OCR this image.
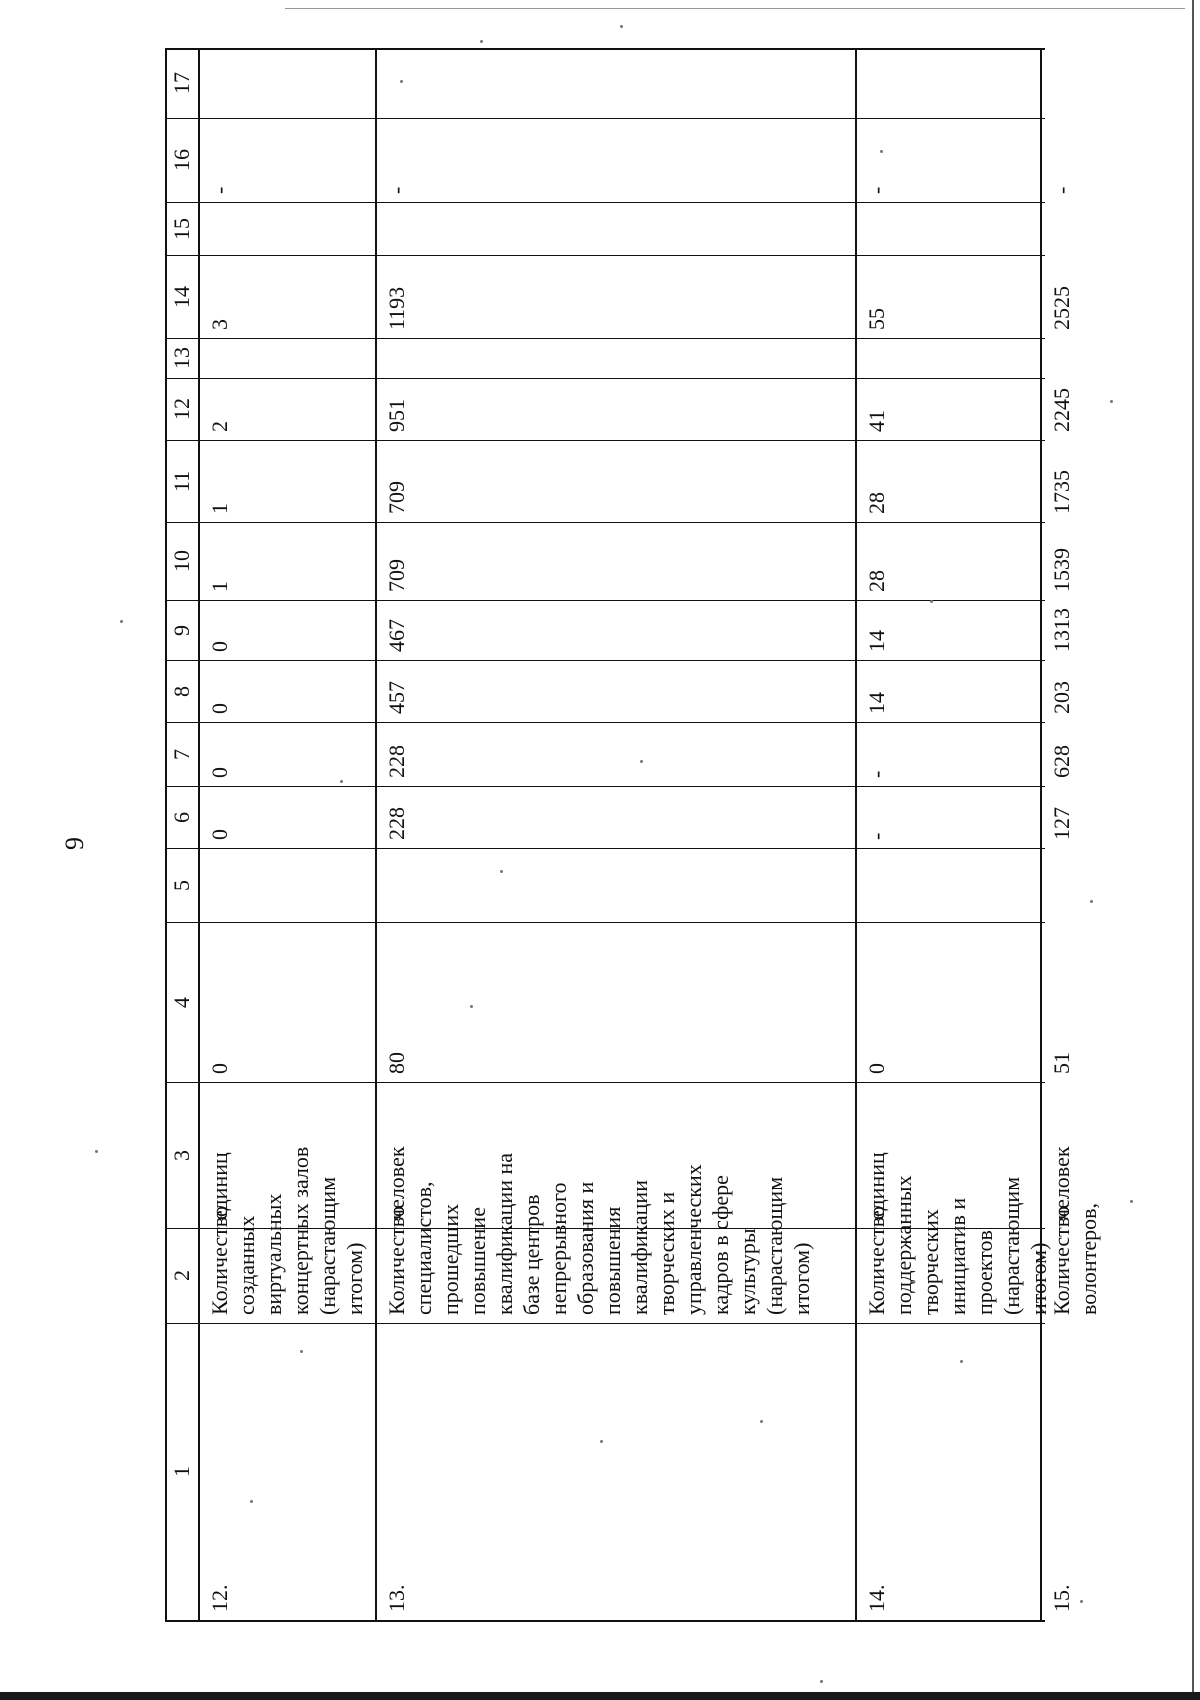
9
1
2
3
4
5
6
7
8
9
10
11
12
13
14
15
16
17
12.
Количество созданных виртуальных концертных залов (нарастающим итогом)
единиц
0
0
0
0
0
1
1
2
3
-
13.
Количество специалистов, прошедших повышение квалификации на базе центров непрерывного образования и повышения квалификации творческих и управленческих кадров в сфере культуры (нарастающим итогом)
человек
80
228
228
457
467
709
709
951
1193
-
14.
Количество поддержанных творческих инициатив и проектов (нарастающим итогом)
единиц
0
-
-
14
14
28
28
41
55
-
15.
Количество волонтеров,
человек
51
127
628
203
1313
1539
1735
2245
2525
-
